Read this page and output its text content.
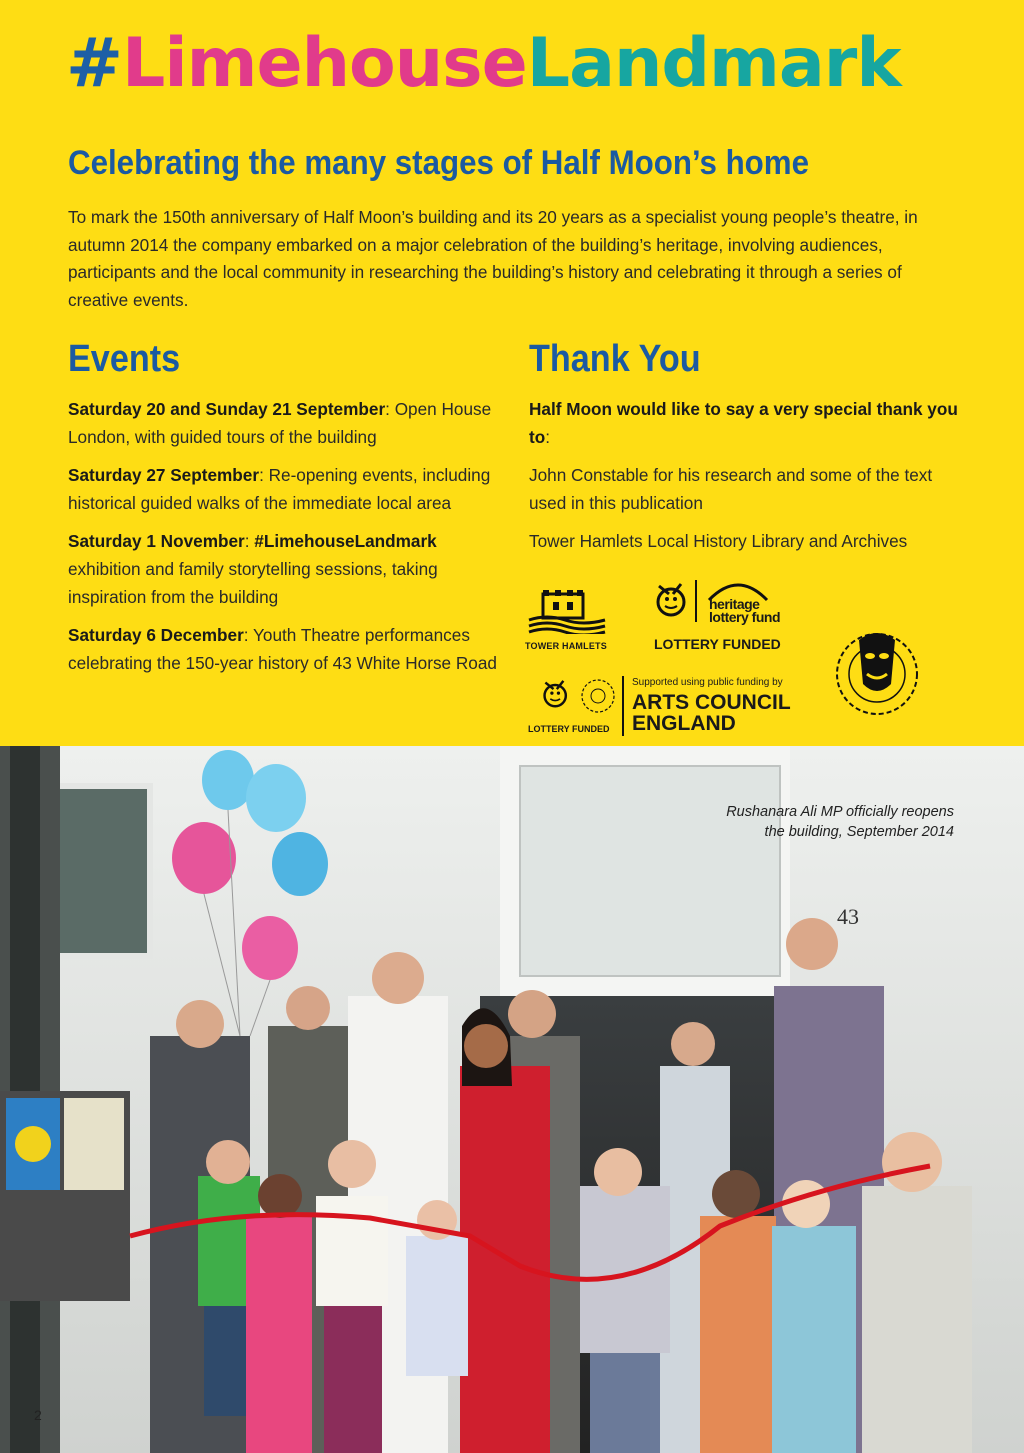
#LimehouseLandmark
Celebrating the many stages of Half Moon’s home
To mark the 150th anniversary of Half Moon’s building and its 20 years as a specialist young people’s theatre, in autumn 2014 the company embarked on a major celebration of the building’s heritage, involving audiences, participants and the local community in researching the building’s history and celebrating it through a series of creative events.
Events	Thank You

Saturday 20 and Sunday 21 September: Open House London, with guided tours of the building

Saturday 27 September: Re-opening events, including historical guided walks of the immediate local area

Saturday 1 November: #LimehouseLandmark exhibition and family storytelling sessions, taking inspiration from the building

Saturday 6 December: Youth Theatre performances celebrating the 150-year history of 43 White Horse Road

Half Moon would like to say a very special thank you to:

John Constable for his research and some of the text used in this publication

Tower Hamlets Local History Library and Archives

TOWER HAMLETS
heritage
lottery fund
LOTTERY FUNDED
LOTTERY FUNDED
Supported using public funding by
ARTS COUNCIL
ENGLAND
43
Rushanara Ali MP officially reopens
the building, September 2014
2
